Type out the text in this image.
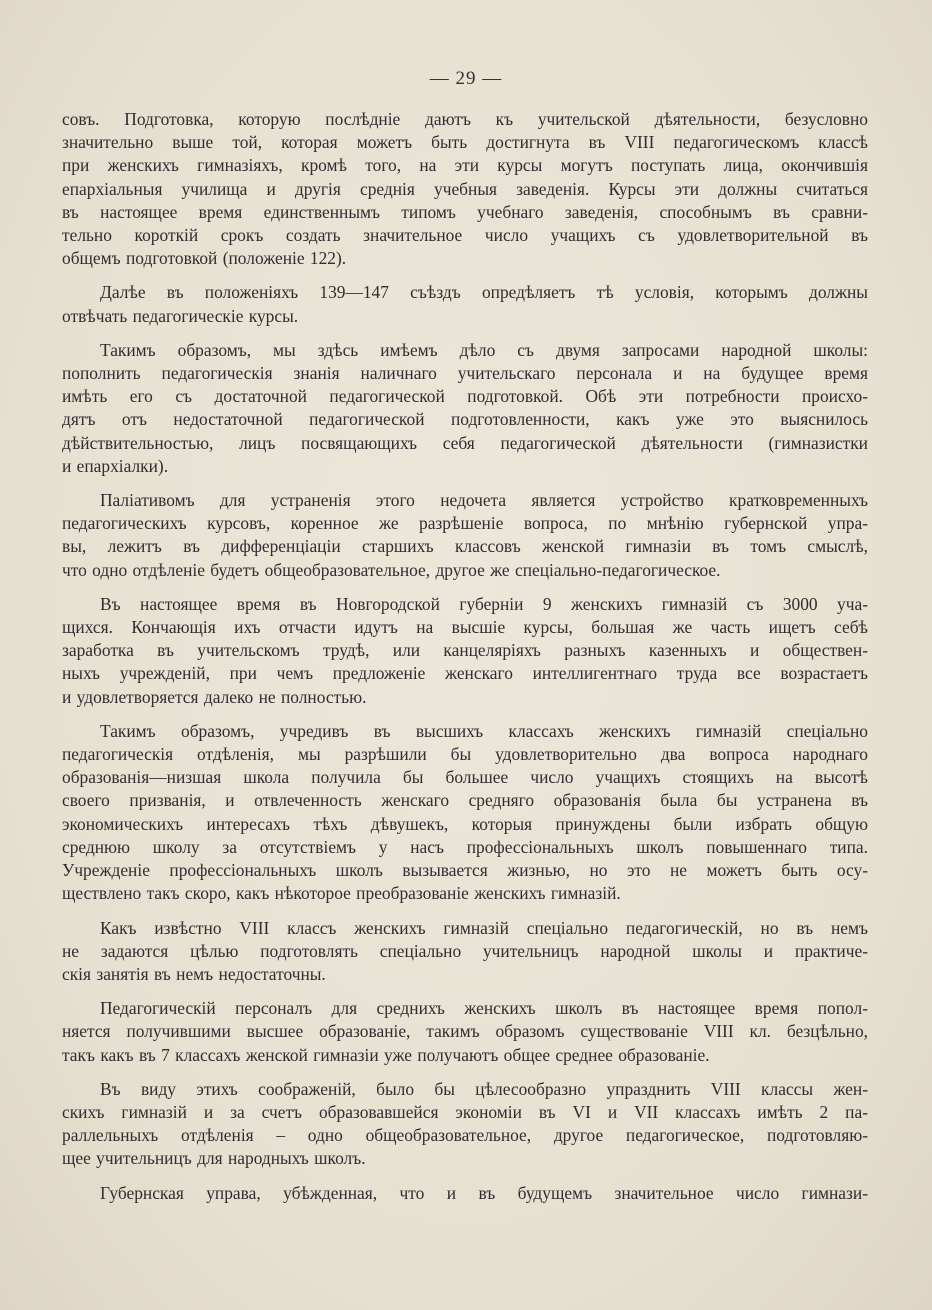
— 29 —

совъ. Подготовка, которую послѣдніе даютъ къ учительской дѣятельности, безусловно
значительно выше той, которая можетъ быть достигнута въ VIII педагогическомъ классѣ
при женскихъ гимназіяхъ, кромѣ того, на эти курсы могутъ поступать лица, окончившія
епархіальныя училища и другія среднія учебныя заведенія. Курсы эти должны считаться
въ настоящее время единственнымъ типомъ учебнаго заведенія, способнымъ въ сравни-
тельно короткій срокъ создать значительное число учащихъ съ удовлетворительной въ
общемъ подготовкой (положеніе 122).

Далѣе въ положеніяхъ 139—147 съѣздъ опредѣляетъ тѣ условія, которымъ должны
отвѣчать педагогическіе курсы.

Такимъ образомъ, мы здѣсь имѣемъ дѣло съ двумя запросами народной школы:
пополнить педагогическія знанія наличнаго учительскаго персонала и на будущее время
имѣть его съ достаточной педагогической подготовкой. Обѣ эти потребности происхо-
дятъ отъ недостаточной педагогической подготовленности, какъ уже это выяснилось
дѣйствительностью, лицъ посвящающихъ себя педагогической дѣятельности (гимназистки
и епархіалки).

Паліативомъ для устраненія этого недочета является устройство кратковременныхъ
педагогическихъ курсовъ, коренное же разрѣшеніе вопроса, по мнѣнію губернской упра-
вы, лежитъ въ дифференціаціи старшихъ классовъ женской гимназіи въ томъ смыслѣ,
что одно отдѣленіе будетъ общеобразовательное, другое же спеціально-педагогическое.

Въ настоящее время въ Новгородской губерніи 9 женскихъ гимназій съ 3000 уча-
щихся. Кончающія ихъ отчасти идутъ на высшіе курсы, большая же часть ищетъ себѣ
заработка въ учительскомъ трудѣ, или канцеляріяхъ разныхъ казенныхъ и обществен-
ныхъ учрежденій, при чемъ предложеніе женскаго интеллигентнаго труда все возрастаетъ
и удовлетворяется далеко не полностью.

Такимъ образомъ, учредивъ въ высшихъ классахъ женскихъ гимназій спеціально
педагогическія отдѣленія, мы разрѣшили бы удовлетворительно два вопроса народнаго
образованія—низшая школа получила бы большее число учащихъ стоящихъ на высотѣ
своего призванія, и отвлеченность женскаго средняго образованія была бы устранена въ
экономическихъ интересахъ тѣхъ дѣвушекъ, которыя принуждены были избрать общую
среднюю школу за отсутствіемъ у насъ профессіональныхъ школъ повышеннаго типа.
Учрежденіе профессіональныхъ школъ вызывается жизнью, но это не можетъ быть осу-
ществлено такъ скоро, какъ нѣкоторое преобразованіе женскихъ гимназій.

Какъ извѣстно VIII классъ женскихъ гимназій спеціально педагогическій, но въ немъ
не задаются цѣлью подготовлять спеціально учительницъ народной школы и практиче-
скія занятія въ немъ недостаточны.

Педагогическій персоналъ для среднихъ женскихъ школъ въ настоящее время попол-
няется получившими высшее образованіе, такимъ образомъ существованіе VIII кл. безцѣльно,
такъ какъ въ 7 классахъ женской гимназіи уже получаютъ общее среднее образованіе.

Въ виду этихъ соображеній, было бы цѣлесообразно упразднить VIII классы жен-
скихъ гимназій и за счетъ образовавшейся экономіи въ VI и VII классахъ имѣть 2 па-
раллельныхъ отдѣленія – одно общеобразовательное, другое педагогическое, подготовляю-
щее учительницъ для народныхъ школъ.

Губернская управа, убѣжденная, что и въ будущемъ значительное число гимнази-
